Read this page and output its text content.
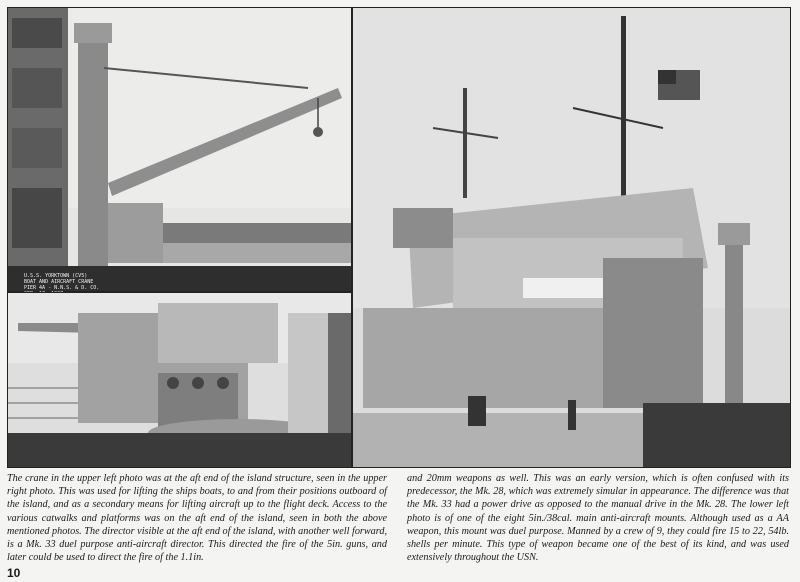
U.S.S. YORKTOWN (CV5)
BOAT AND AIRCRAFT CRANE
PIER 4A - N.N.S. & D. CO.

The crane in the upper left photo was at the aft end of the island structure, seen in the upper right photo. This was used for lifting the ships boats, to and from their positions outboard of the island, and as a secondary means for lifting aircraft up to the flight deck. Access to the various catwalks and platforms was on the aft end of the island, seen in both the above mentioned photos. The director visible at the aft end of the island, with another well forward, is a Mk. 33 duel purpose anti-aircraft director. This directed the fire of the 5in. guns, and later could be used to direct the fire of the 1.1in.
and 20mm weapons as well. This was an early version, which is often confused with its predecessor, the Mk. 28, which was extremely simular in appearance. The difference was that the Mk. 33 had a power drive as opposed to the manual drive in the Mk. 28. The lower left photo is of one of the eight 5in./38cal. main anti-aircraft mounts. Although used as a AA weapon, this mount was duel purpose. Manned by a crew of 9, they could fire 15 to 22, 54lb. shells per minute. This type of weapon became one of the best of its kind, and was used extensively throughout the USN.
10
